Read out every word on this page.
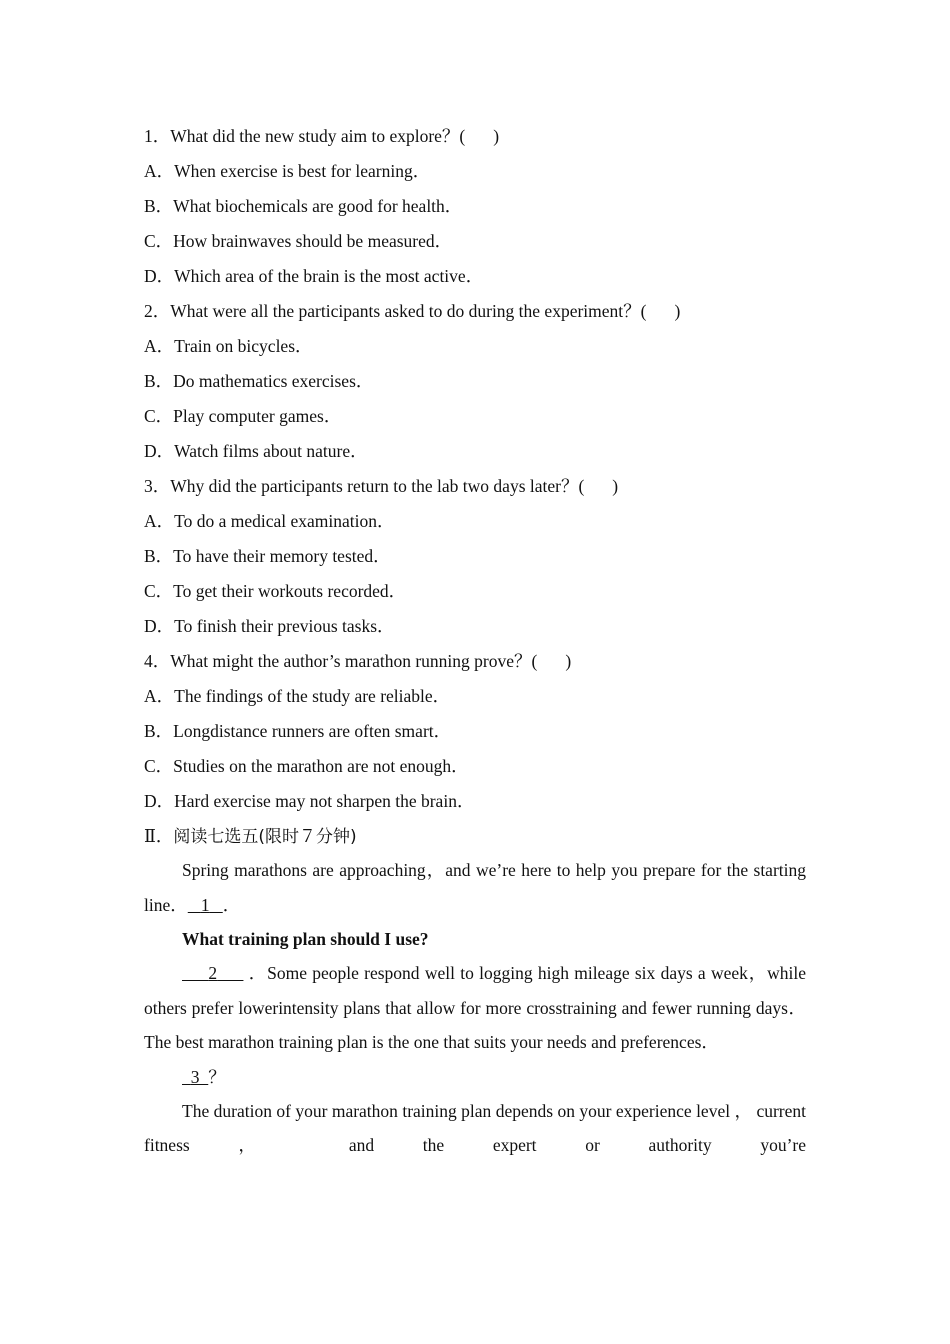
1．What did the new study aim to explore？( )
A．When exercise is best for learning．
B．What biochemicals are good for health．
C．How brainwaves should be measured．
D．Which area of the brain is the most active．
2．What were all the participants asked to do during the experiment？( )
A．Train on bicycles．
B．Do mathematics exercises．
C．Play computer games．
D．Watch films about nature．
3．Why did the participants return to the lab two days later？( )
A．To do a medical examination．
B．To have their memory tested．
C．To get their workouts recorded．
D．To finish their previous tasks．
4．What might the author’s marathon running prove？( )
A．The findings of the study are reliable．
B．Longdistance runners are often smart．
C．Studies on the marathon are not enough．
D．Hard exercise may not sharpen the brain．
Ⅱ．阅读七选五(限时７分钟)

Spring marathons are approaching，and we’re here to help you prepare for the starting line． 1 ．

What training plan should I use?

2 ．Some people respond well to logging high mileage six days a week，while others prefer lowerintensity plans that allow for more crosstraining and fewer running days．The best marathon training plan is the one that suits your needs and preferences．

3 ？

The duration of your marathon training plan depends on your experience level ， current fitness ， and the expert or authority you’re
